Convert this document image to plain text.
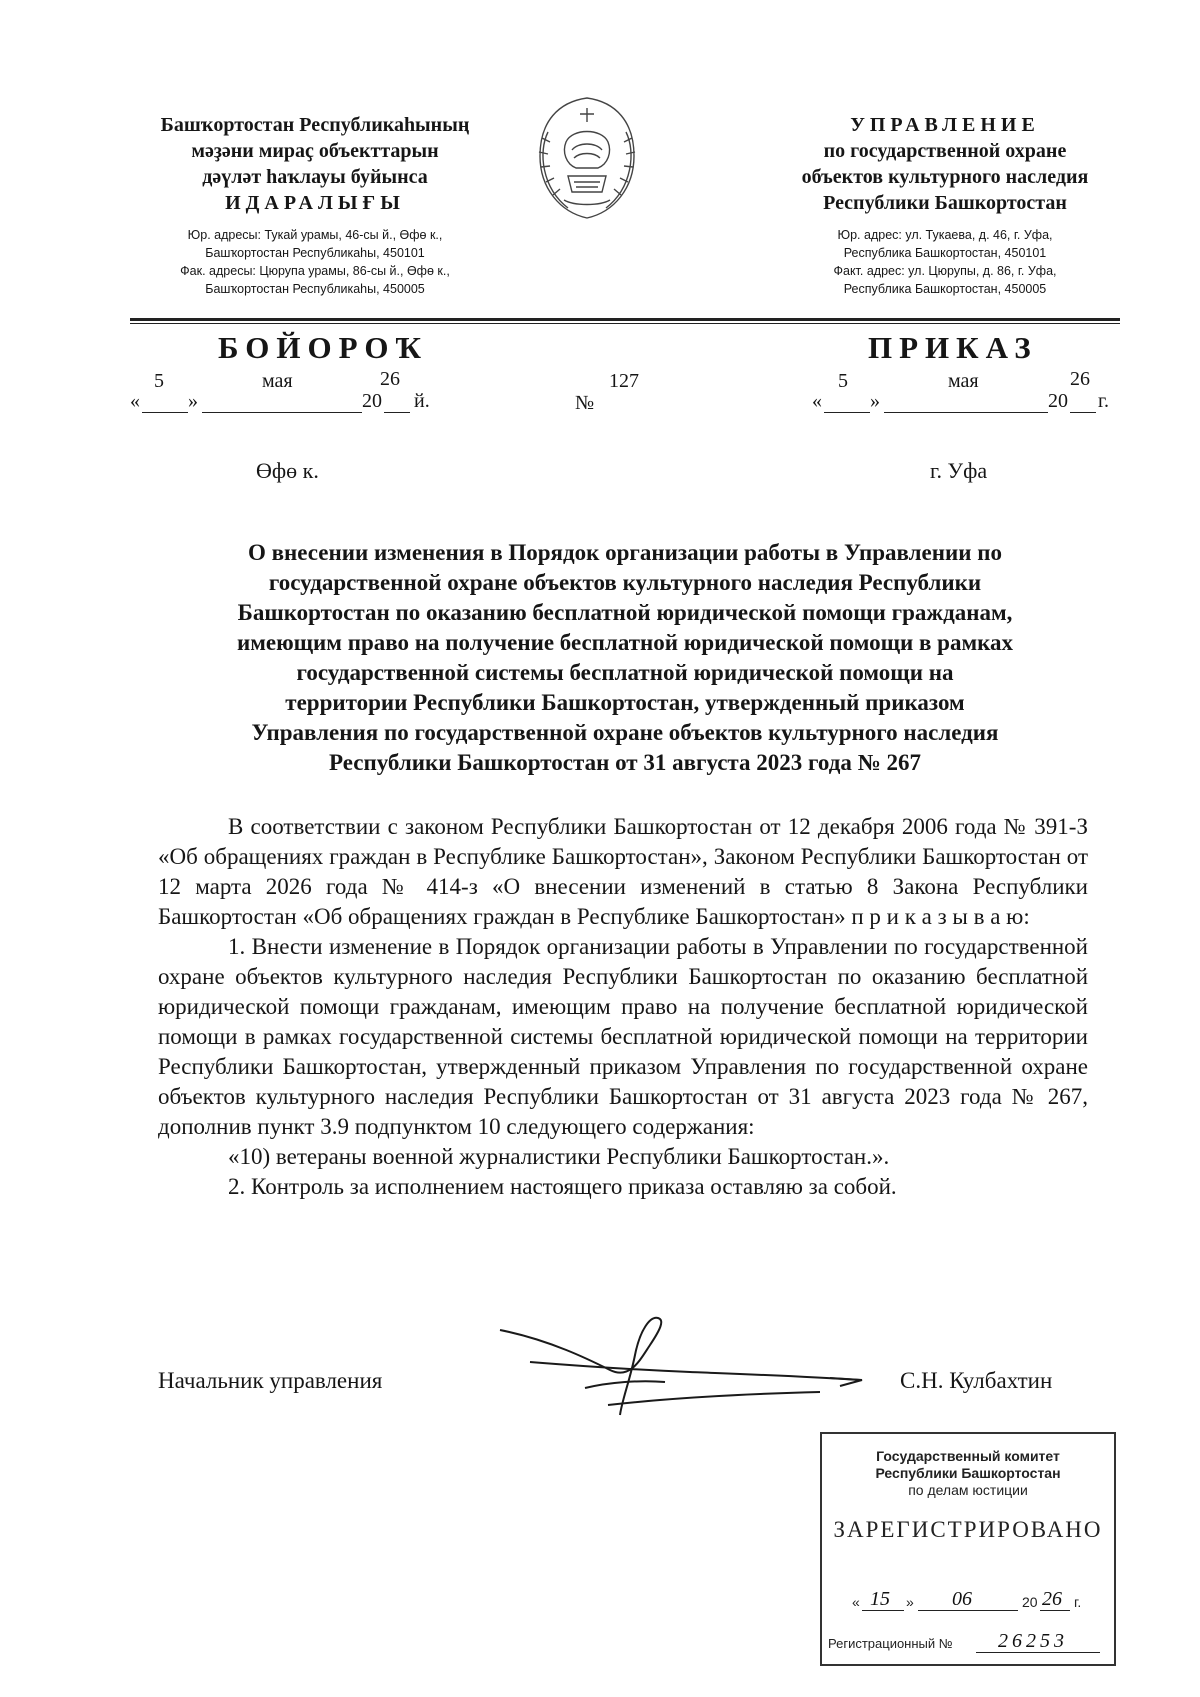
Башҡортостан Республикаһының
мәҙәни мираҫ объекттарын
дәүләт һаҡлауы буйынса
ИДАРАЛЫҒЫ
Юр. адресы: Тукай урамы, 46-сы й., Өфө к.,
Башҡортостан Республикаһы, 450101
Фак. адресы: Цюрупа урамы, 86-сы й., Өфө к.,
Башҡортостан Республикаһы, 450005
УПРАВЛЕНИЕ
по государственной охране
объектов культурного наследия
Республики Башкортостан
Юр. адрес: ул. Тукаева, д. 46, г. Уфа,
Республика Башкортостан, 450101
Факт. адрес: ул. Цюрупы, д. 86, г. Уфа,
Республика Башкортостан, 450005
БОЙОРОҠ	ПРИКАЗ
«
5
»
мая
20
26
й.	№
127
«
5
»
мая
20
26
г.
Өфө к.	г. Уфа
О внесении изменения в Порядок организации работы в Управлении по
государственной охране объектов культурного наследия Республики
Башкортостан по оказанию бесплатной юридической помощи гражданам,
имеющим право на получение бесплатной юридической помощи в рамках
государственной системы бесплатной юридической помощи на
территории Республики Башкортостан, утвержденный приказом
Управления по государственной охране объектов культурного наследия
Республики Башкортостан от 31 августа 2023 года № 267

В соответствии с законом Республики Башкортостан от 12 декабря 2006 года № 391-З «Об обращениях граждан в Республике Башкортостан», Законом Республики Башкортостан от 12 марта 2026 года № 414-з «О внесении изменений в статью 8 Закона Республики Башкортостан «Об обращениях граждан в Республике Башкортостан» п р и к а з ы в а ю:

1. Внести изменение в Порядок организации работы в Управлении по государственной охране объектов культурного наследия Республики Башкортостан по оказанию бесплатной юридической помощи гражданам, имеющим право на получение бесплатной юридической помощи в рамках государственной системы бесплатной юридической помощи на территории Республики Башкортостан, утвержденный приказом Управления по государственной охране объектов культурного наследия Республики Башкортостан от 31 августа 2023 года № 267, дополнив пункт 3.9 подпунктом 10 следующего содержания:

«10) ветераны военной журналистики Республики Башкортостан.».

2. Контроль за исполнением настоящего приказа оставляю за собой.

Начальник управления	С.Н. Кулбахтин
Государственный комитет
Республики Башкортостан
по делам юстиции
ЗАРЕГИСТРИРОВАНО
« 15 » 06	20 26 г.
Регистрационный № 26253
